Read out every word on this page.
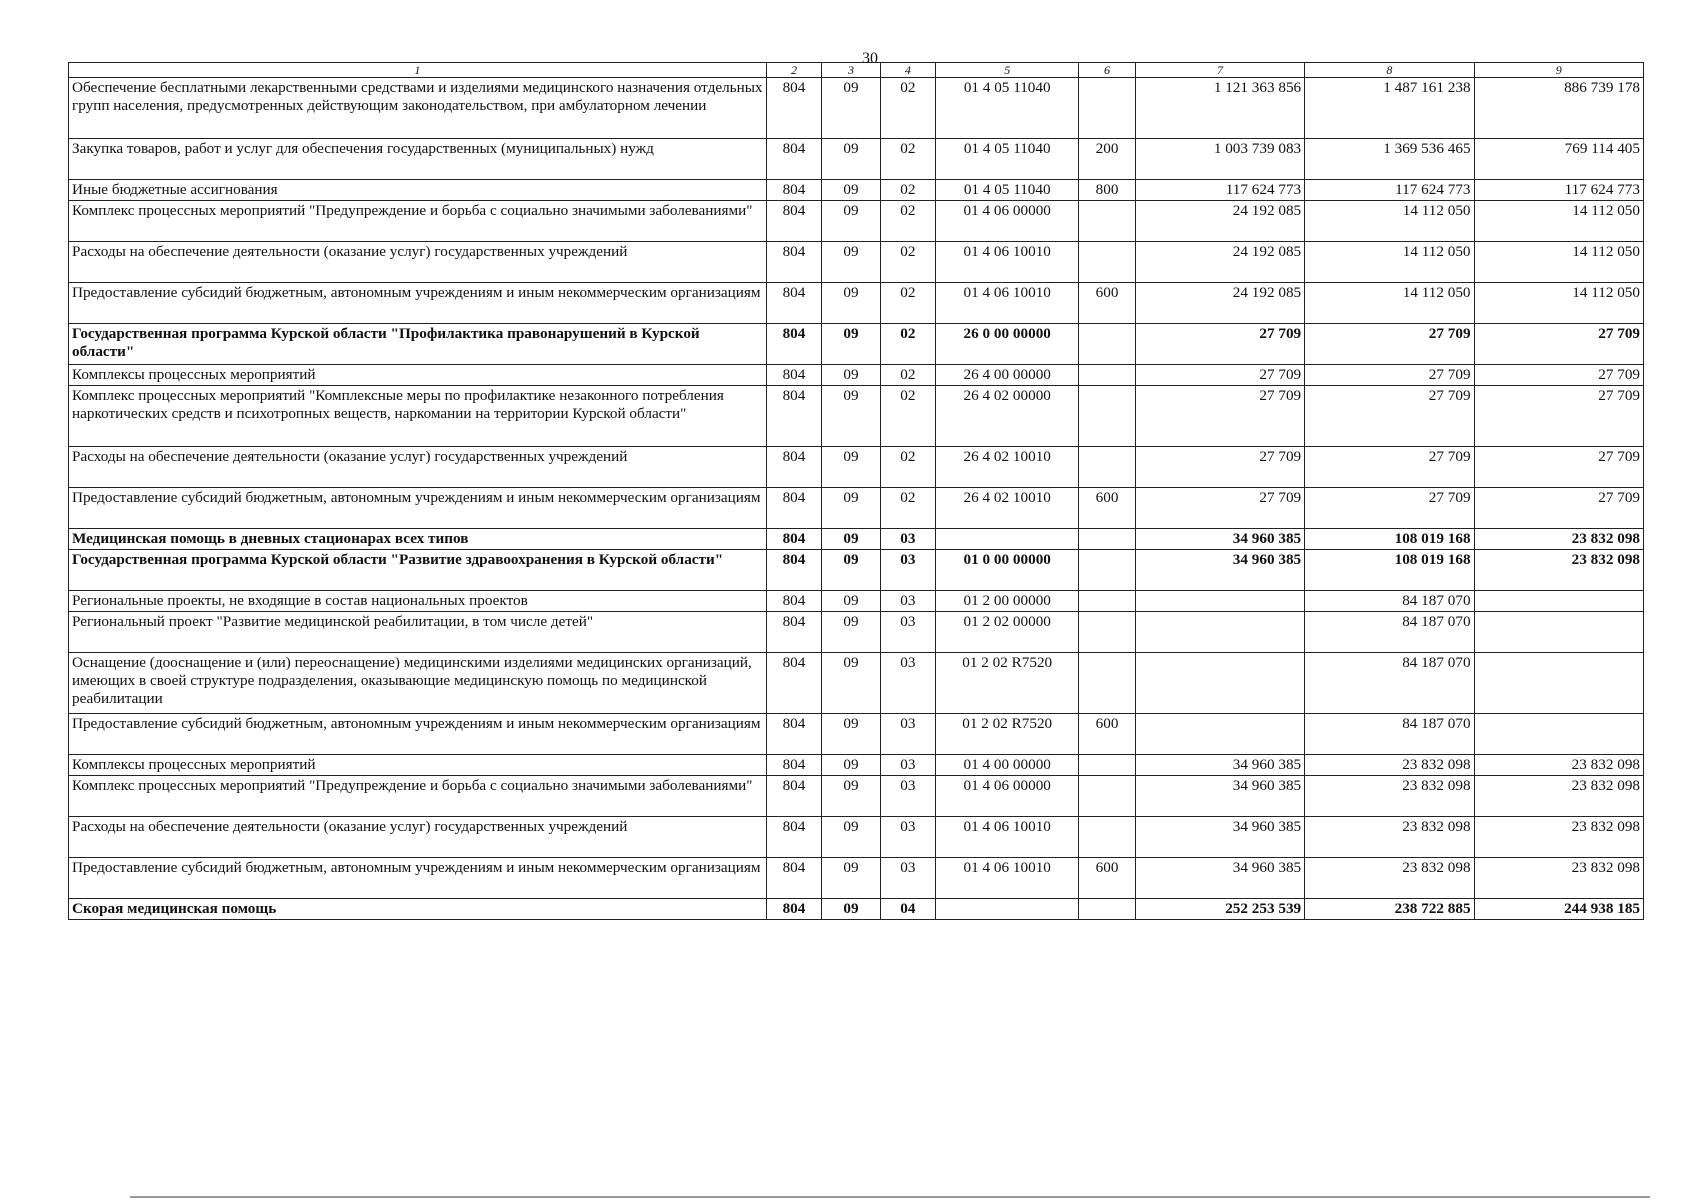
30
1	2	3	4	5	6	7	8	9
Обеспечение бесплатными лекарственными средствами и изделиями медицинского назначения отдельных групп населения, предусмотренных действующим законодательством, при амбулаторном лечении	804	09	02	01 4 05 11040		1 121 363 856	1 487 161 238	886 739 178
Закупка товаров, работ и услуг для обеспечения государственных (муниципальных) нужд	804	09	02	01 4 05 11040	200	1 003 739 083	1 369 536 465	769 114 405
Иные бюджетные ассигнования	804	09	02	01 4 05 11040	800	117 624 773	117 624 773	117 624 773
Комплекс процессных мероприятий "Предупреждение и борьба с социально значимыми заболеваниями"	804	09	02	01 4 06 00000		24 192 085	14 112 050	14 112 050
Расходы на обеспечение деятельности (оказание услуг) государственных учреждений	804	09	02	01 4 06 10010		24 192 085	14 112 050	14 112 050
Предоставление субсидий бюджетным, автономным учреждениям и иным некоммерческим организациям	804	09	02	01 4 06 10010	600	24 192 085	14 112 050	14 112 050
Государственная программа Курской области "Профилактика правонарушений в Курской области"	804	09	02	26 0 00 00000		27 709	27 709	27 709
Комплексы процессных мероприятий	804	09	02	26 4 00 00000		27 709	27 709	27 709
Комплекс процессных мероприятий "Комплексные меры по профилактике незаконного потребления наркотических средств и психотропных веществ, наркомании на территории Курской области"	804	09	02	26 4 02 00000		27 709	27 709	27 709
Расходы на обеспечение деятельности (оказание услуг) государственных учреждений	804	09	02	26 4 02 10010		27 709	27 709	27 709
Предоставление субсидий бюджетным, автономным учреждениям и иным некоммерческим организациям	804	09	02	26 4 02 10010	600	27 709	27 709	27 709
Медицинская помощь в дневных стационарах всех типов	804	09	03			34 960 385	108 019 168	23 832 098
Государственная программа Курской области "Развитие здравоохранения в Курской области"	804	09	03	01 0 00 00000		34 960 385	108 019 168	23 832 098
Региональные проекты, не входящие в состав национальных проектов	804	09	03	01 2 00 00000			84 187 070	
Региональный проект "Развитие медицинской реабилитации, в том числе детей"	804	09	03	01 2 02 00000			84 187 070	
Оснащение (дооснащение и (или) переоснащение) медицинскими изделиями медицинских организаций, имеющих в своей структуре подразделения, оказывающие медицинскую помощь по медицинской реабилитации	804	09	03	01 2 02 R7520			84 187 070	
Предоставление субсидий бюджетным, автономным учреждениям и иным некоммерческим организациям	804	09	03	01 2 02 R7520	600		84 187 070	
Комплексы процессных мероприятий	804	09	03	01 4 00 00000		34 960 385	23 832 098	23 832 098
Комплекс процессных мероприятий "Предупреждение и борьба с социально значимыми заболеваниями"	804	09	03	01 4 06 00000		34 960 385	23 832 098	23 832 098
Расходы на обеспечение деятельности (оказание услуг) государственных учреждений	804	09	03	01 4 06 10010		34 960 385	23 832 098	23 832 098
Предоставление субсидий бюджетным, автономным учреждениям и иным некоммерческим организациям	804	09	03	01 4 06 10010	600	34 960 385	23 832 098	23 832 098
Скорая медицинская помощь	804	09	04			252 253 539	238 722 885	244 938 185
